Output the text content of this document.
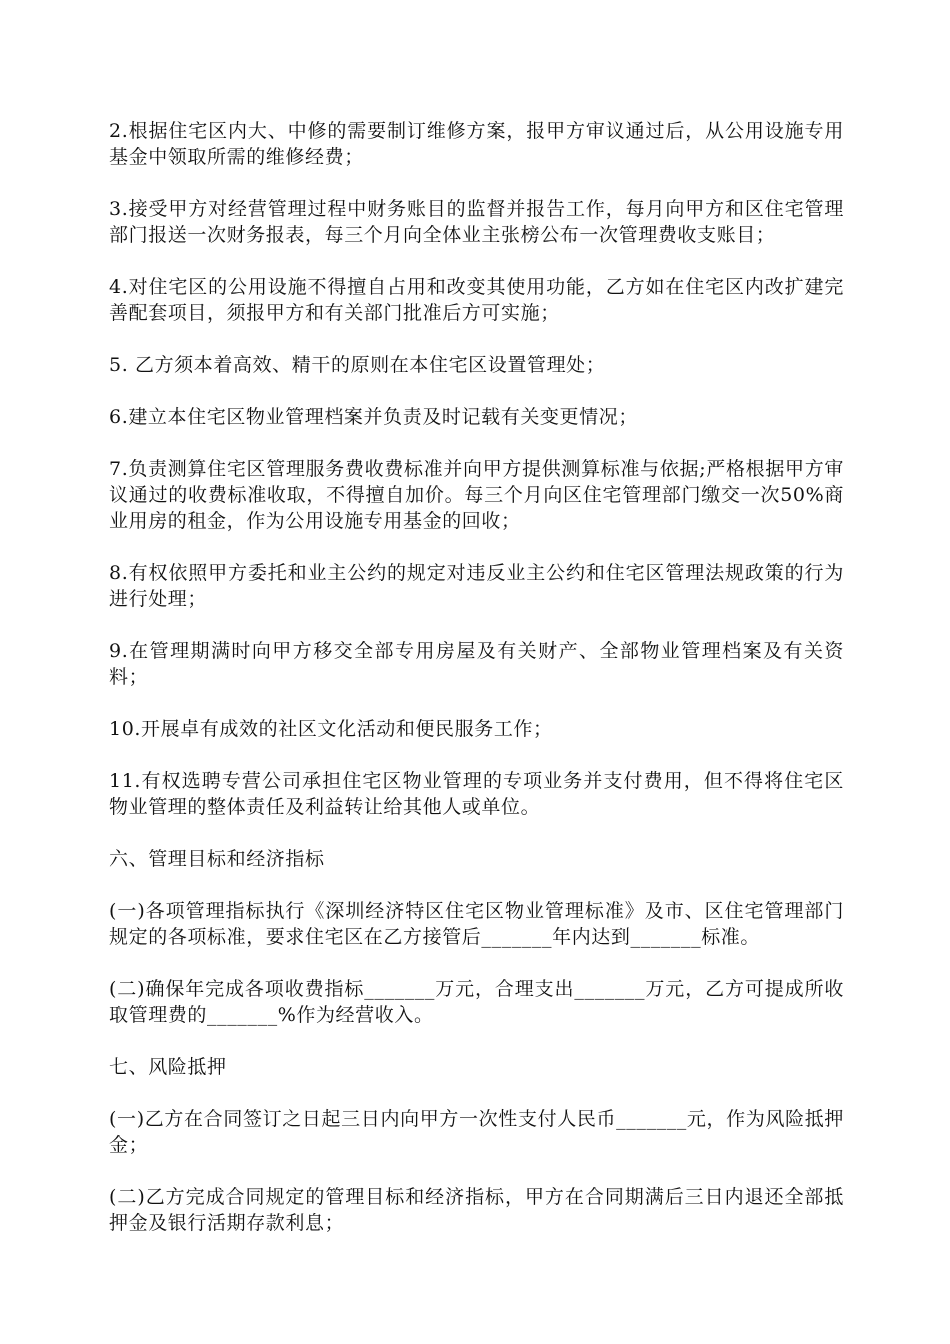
2.根据住宅区内大、中修的需要制订维修方案，报甲方审议通过后，从公用设施专用基金中领取所需的维修经费；

3.接受甲方对经营管理过程中财务账目的监督并报告工作，每月向甲方和区住宅管理部门报送一次财务报表，每三个月向全体业主张榜公布一次管理费收支账目；

4.对住宅区的公用设施不得擅自占用和改变其使用功能，乙方如在住宅区内改扩建完善配套项目，须报甲方和有关部门批准后方可实施；

5. 乙方须本着高效、精干的原则在本住宅区设置管理处；

6.建立本住宅区物业管理档案并负责及时记载有关变更情况；

7.负责测算住宅区管理服务费收费标准并向甲方提供测算标准与依据;严格根据甲方审议通过的收费标准收取，不得擅自加价。每三个月向区住宅管理部门缴交一次50%商业用房的租金，作为公用设施专用基金的回收；

8.有权依照甲方委托和业主公约的规定对违反业主公约和住宅区管理法规政策的行为进行处理；

9.在管理期满时向甲方移交全部专用房屋及有关财产、全部物业管理档案及有关资料；

10.开展卓有成效的社区文化活动和便民服务工作；

11.有权选聘专营公司承担住宅区物业管理的专项业务并支付费用，但不得将住宅区物业管理的整体责任及利益转让给其他人或单位。

六、管理目标和经济指标

(一)各项管理指标执行《深圳经济特区住宅区物业管理标准》及市、区住宅管理部门规定的各项标准，要求住宅区在乙方接管后_______年内达到_______标准。

(二)确保年完成各项收费指标_______万元，合理支出_______万元，乙方可提成所收取管理费的_______%作为经营收入。

七、风险抵押

(一)乙方在合同签订之日起三日内向甲方一次性支付人民币_______元，作为风险抵押金；

(二)乙方完成合同规定的管理目标和经济指标，甲方在合同期满后三日内退还全部抵押金及银行活期存款利息；
